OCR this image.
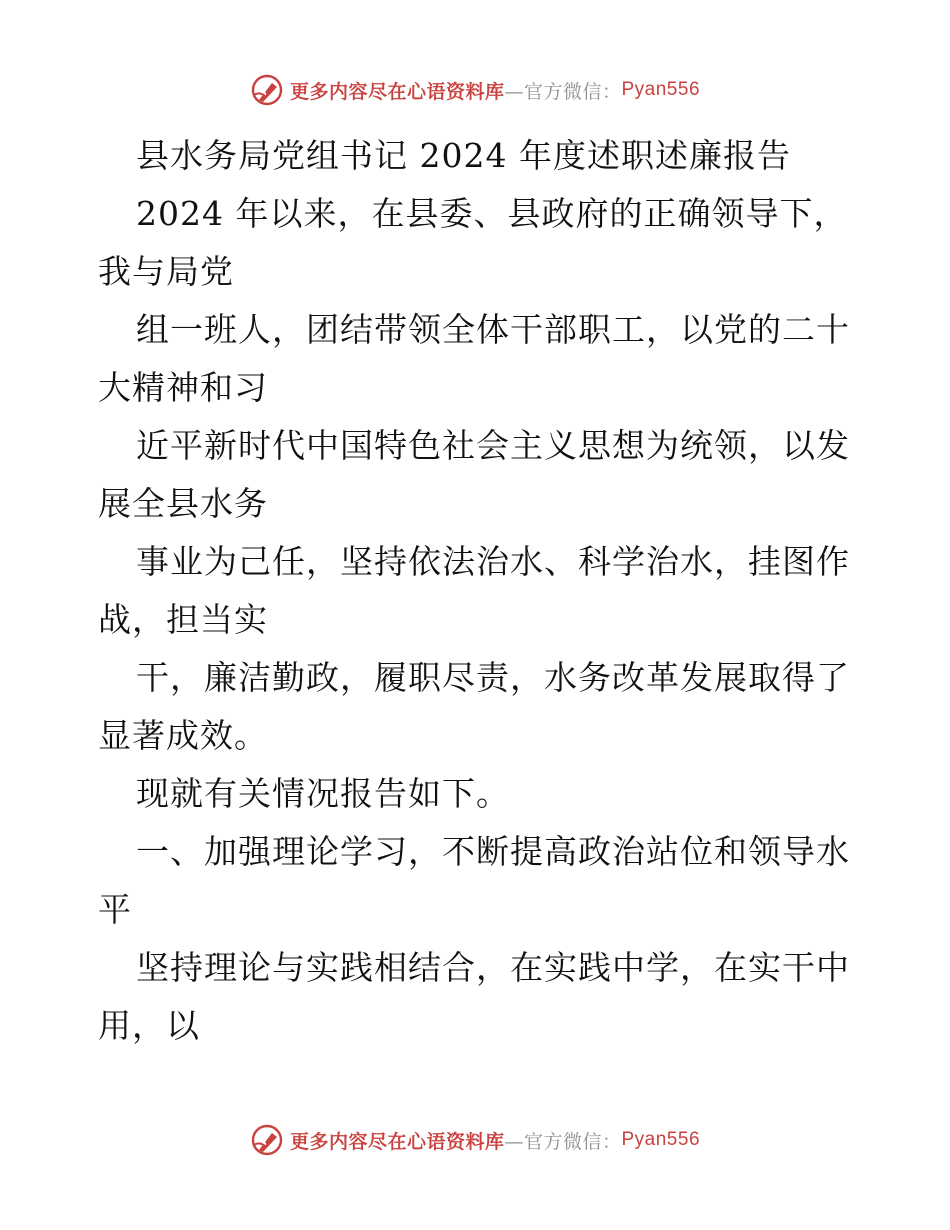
更多内容尽在心语资料库 —官方微信： Pyan556
县水务局党组书记 2024 年度述职述廉报告
2024 年以来，在县委、县政府的正确领导下，
我与局党
组一班人，团结带领全体干部职工，以党的二十
大精神和习
近平新时代中国特色社会主义思想为统领，以发
展全县水务
事业为己任，坚持依法治水、科学治水，挂图作
战，担当实
干，廉洁勤政，履职尽责，水务改革发展取得了
显著成效。
现就有关情况报告如下。
一、加强理论学习，不断提高政治站位和领导水
平
坚持理论与实践相结合，在实践中学，在实干中
用，以
更多内容尽在心语资料库 —官方微信： Pyan556
